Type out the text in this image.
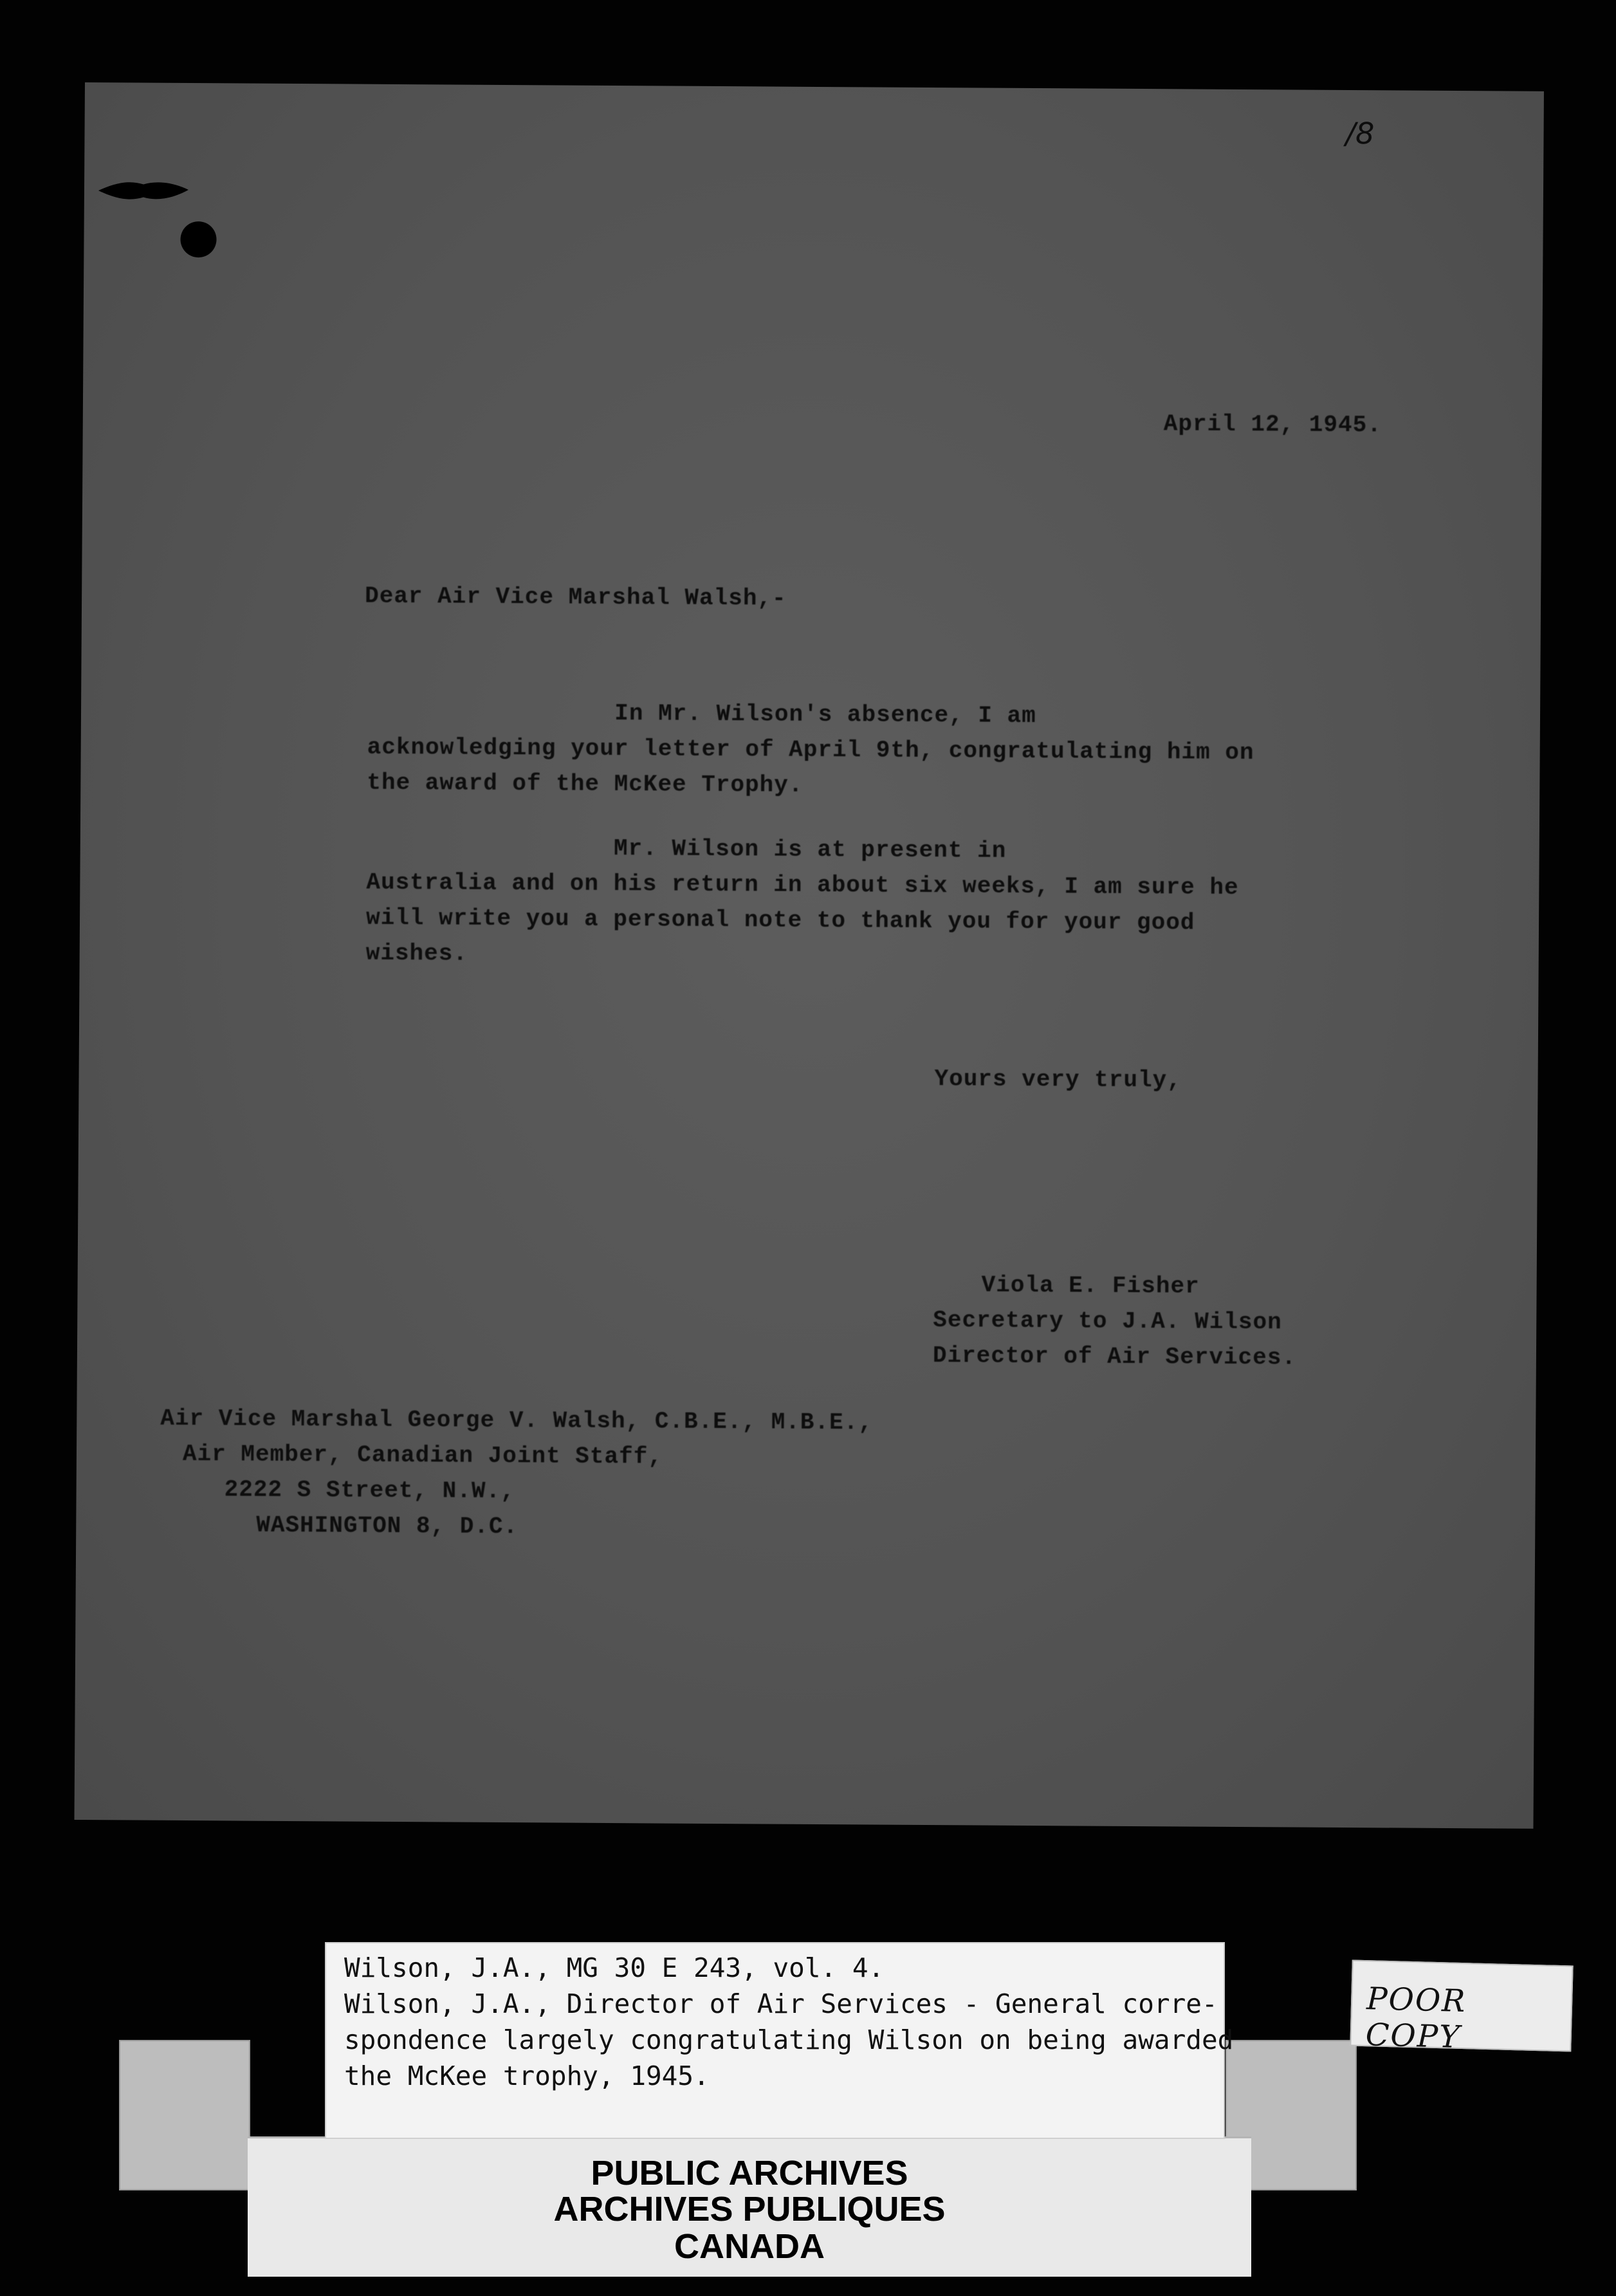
/8
April 12, 1945.
Dear Air Vice Marshal Walsh,-
In Mr. Wilson's absence, I am
acknowledging your letter of April 9th, congratulating him on
the award of the McKee Trophy.
Mr. Wilson is at present in
Australia and on his return in about six weeks, I am sure he
will write you a personal note to thank you for your good
wishes.
Yours very truly,
Viola E. Fisher
Secretary to J.A. Wilson
Director of Air Services.
Air Vice Marshal George V. Walsh, C.B.E., M.B.E.,
Air Member, Canadian Joint Staff,
2222 S Street, N.W.,
WASHINGTON 8, D.C.
PUBLIC ARCHIVES
ARCHIVES PUBLIQUES
CANADA
Wilson, J.A., MG 30 E 243, vol. 4.
Wilson, J.A., Director of Air Services - General corre-
spondence largely congratulating Wilson on being awarded
the McKee trophy, 1945.
POOR COPY
